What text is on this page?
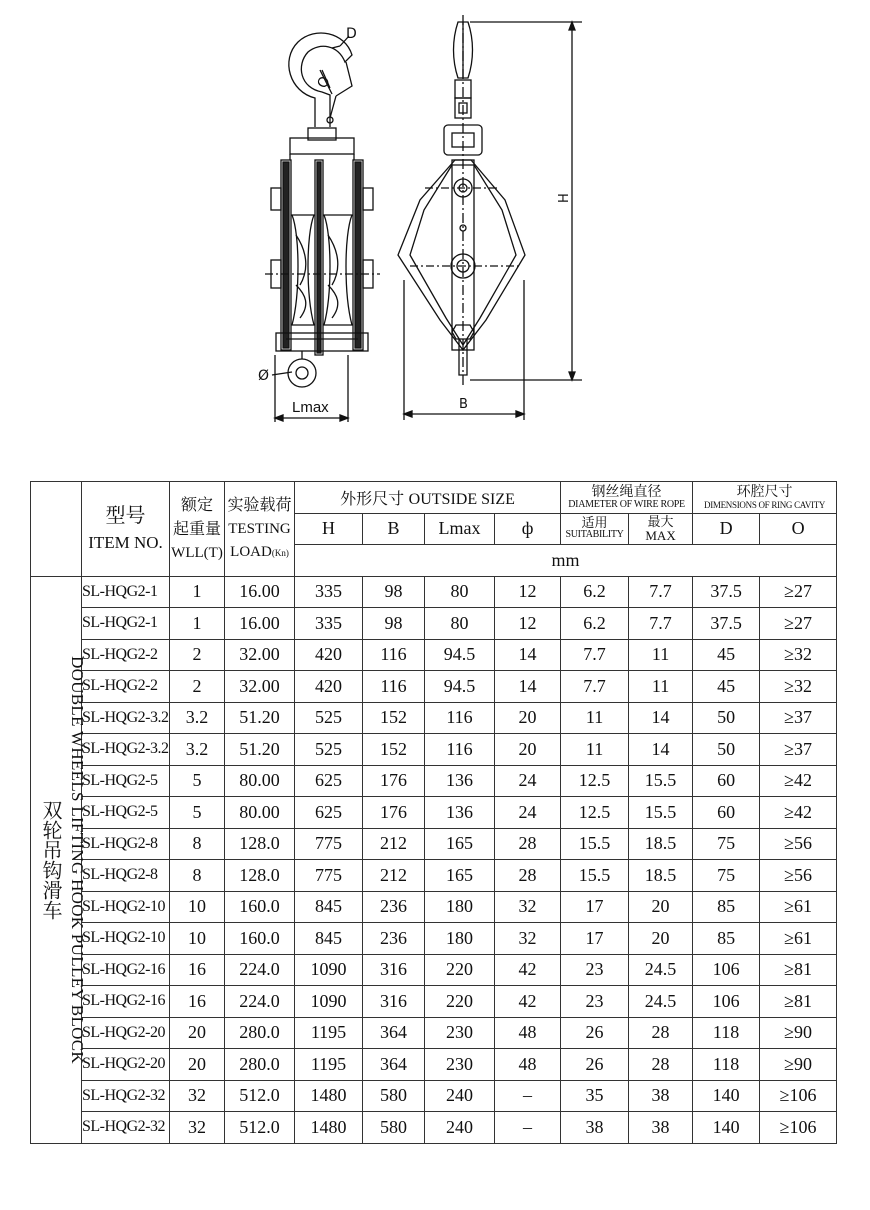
D
O
Ø
Lmax	B
H

	型号
ITEM NO.	额定
起重量
WLL(T)	实验载荷
TESTING
LOAD(Kn)	外形尺寸 OUTSIDE SIZE				钢丝绳直径
DIAMETER OF WIRE ROPE		环腔尺寸
DIMENSIONS OF RING CAVITY	

				H	B	Lmax	ф	适用
SUITABILITY	最大
MAX	D	O
				mm							

DOUBLE WHEELS LIFTING HOOK PULLEY BLOCK
双轮吊钩滑车	SL-HQG2-1	1	16.00	335	98	80	12	6.2	7.7	37.5	≥27
	SL-HQG2-1	1	16.00	335	98	80	12	6.2	7.7	37.5	≥27
	SL-HQG2-2	2	32.00	420	116	94.5	14	7.7	11	45	≥32
	SL-HQG2-2	2	32.00	420	116	94.5	14	7.7	11	45	≥32
	SL-HQG2-3.2	3.2	51.20	525	152	116	20	11	14	50	≥37
	SL-HQG2-3.2	3.2	51.20	525	152	116	20	11	14	50	≥37
	SL-HQG2-5	5	80.00	625	176	136	24	12.5	15.5	60	≥42
	SL-HQG2-5	5	80.00	625	176	136	24	12.5	15.5	60	≥42
	SL-HQG2-8	8	128.0	775	212	165	28	15.5	18.5	75	≥56
	SL-HQG2-8	8	128.0	775	212	165	28	15.5	18.5	75	≥56
	SL-HQG2-10	10	160.0	845	236	180	32	17	20	85	≥61
	SL-HQG2-10	10	160.0	845	236	180	32	17	20	85	≥61
	SL-HQG2-16	16	224.0	1090	316	220	42	23	24.5	106	≥81
	SL-HQG2-16	16	224.0	1090	316	220	42	23	24.5	106	≥81
	SL-HQG2-20	20	280.0	1195	364	230	48	26	28	118	≥90
	SL-HQG2-20	20	280.0	1195	364	230	48	26	28	118	≥90
	SL-HQG2-32	32	512.0	1480	580	240	–	35	38	140	≥106
	SL-HQG2-32	32	512.0	1480	580	240	–	38	38	140	≥106
